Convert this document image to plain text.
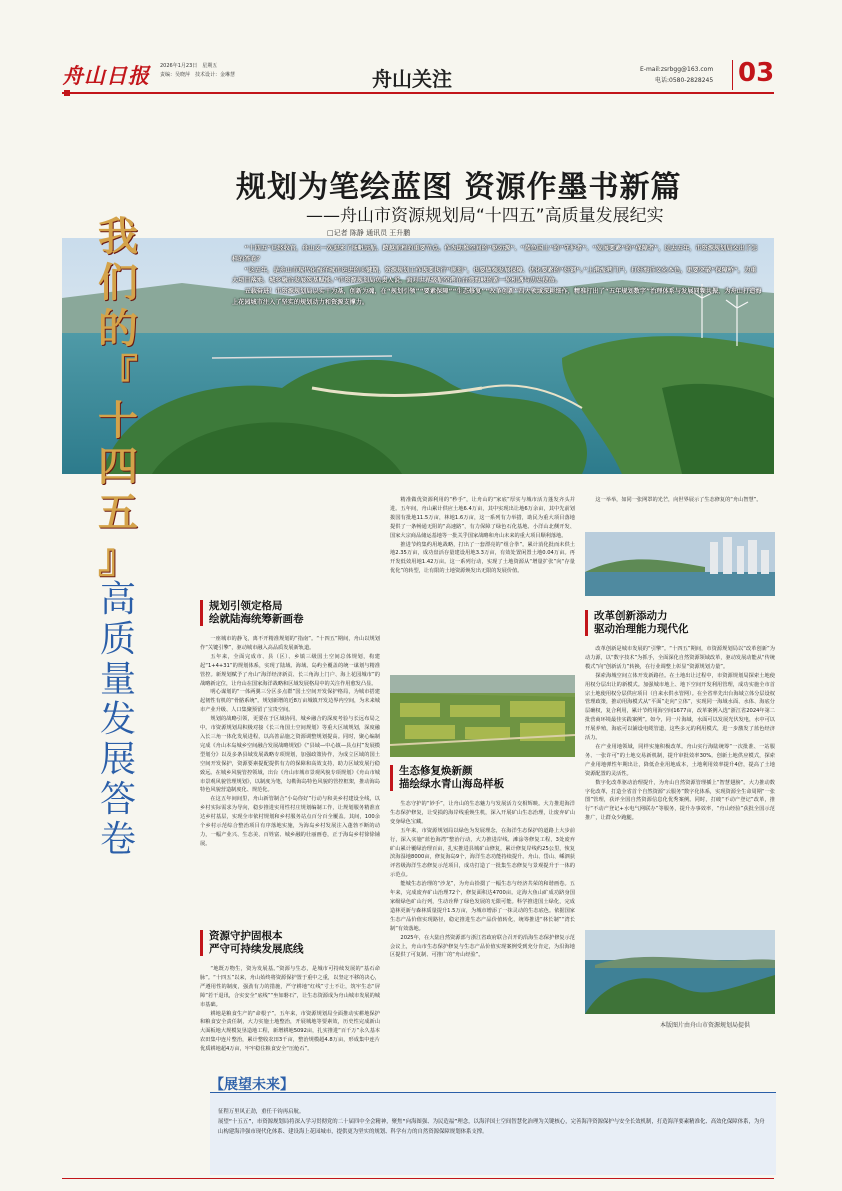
舟山日报	2026年1月23日　星期五
责编：吴晓萍　技术设计：金琳慧	舟山关注	E-mail:zsrbgg@163.com
电话:0580-2828245 03
规划为笔绘蓝图 资源作墨书新篇
——舟山市资源规划局“十四五”高质量发展纪实
□记者 陈静 通讯员 王升鹏

“十四五”已经收官，舟山又一次迎来了扬帆远航、跨越前程的重要节点。作为助推空间的“驱动源”、“蓝色国土”的“守护者”、“发展要素”的“保障者”，过去五年，市资源规划局交出了怎样的答卷？

“这五年，是舟山市现代化海洋城市运进的关键期，资源规划工作既要执行“规划”，也要做强发展保障、优化要素的“好钢”。”上港海港门户，打好海洋文化本色，更要突破“保障桥”，为重大项目落地、城乡融合发展筑基赋能。”市资源规划局负责人说，面对世界级航空港在台湾海峡的新一轮机遇与历史使命。

五载奋进！市资源规划局以实干为基，创新为魂，在“规划引领”“要素保障”“生态修复”“改革创新”四大领域深耕细作，精准打出了“五年规划数字”治理体系与发展同频共振，为舟山打造海上花园城市注入了坚实的规划动力和资源支撑力。

我
们
的
『
十
四
五
』
高
质
量
发
展
答
卷
规划引领定格局
绘就陆海统筹新画卷

一座城市的静飞，离不开精准规划的“指南”。“十四五”期间，舟山以规划作“关键引擎”，驱动城市融入高品质发展新轨道。

五年来，全面完成市、县（区）、乡镇三级国土空间总体规划，构建起“1+4+31”的规划体系，实现了陆域、海域、岛屿全覆盖的统一谋划与精准管控。新规划赋予了舟山“海洋经济新贡、长三角海上门户、海上花园城市”的战略新定位，让舟山在国家海洋战略和区域发展格局中的关注作用愈发凸显。

明心谋划的“一体两翼三分区多点群”国土空间开发保护格局，为城市搭建起韧性有机的“骨骼系统”。规划新增的近8万亩城镇开发边界内空间，为未来城市产业升级、人口集聚预留了宝贵空间。

规划的战略引领，更要在于区域协同，城乡融合的深度考验与长远布局之中。市资源规划局积极对接《长三角国土空间规划》等重大区域规划，深度融入长三角一体化发展进程，以高善品施之资源调整规划提高。同时，聚心编制完成《舟山本岛城乡空间融合发展战略规划》《“县域—中心镇—县点村”发展模型划分》以及多条县域发展战略专项规划，加强政策协作，为成立区域的国土空间开发保护，资源要素提配提供有力的保障和高效支持，助力区域发展行稳致远。在城乡风貌管控领域，出台《舟山市城市景观风貌专项规划》《舟山市城市景观风貌管理规划》，以制度为笔，勾勒海岛特色风貌的管控框架，推动海岛特色风貌营造制度化、规范化。

在这五年间间里，舟山新管制合“小岛你好”行动与和美乡村建设全线，以乡村实际需求为导向，稳步推进实用性村庄规划编制工作，让规划服务精准直达乡村基层，实现全市依村规划和乡村服务站点百分百全覆盖。其间，100余个乡村示范综合整治项目有序落地实施，为海岛乡村发展注入蓬勃不断的动力，一幅产业兴、生态美、百姓富、城乡融的壮丽画卷，正于海岛乡村徐徐铺展。

资源守护固根本
严守可持续发展底线

“地既万物生，资为发展基。”资源与生态，是城市可持续发展的“基石命脉”。“十四五”以来，舟山始终将资源保护置于重中之重，以坚定不移的决心，严遵用性的制度，强劲有力的措施，严守耕地“红线”寸土不让，筑牢生态“屏障”若干退讯，合实安全“底线”“坐如磐石”，让生态资源成为舟山城市发展的城市基础。

耕地是粮食生产的“命根子”。五年来，市资源规划局全面推动实耕地保护和粮食安全责任制，大力实施土地整治，开展城地等要素效，历史性完成新山大面板地大规模复垦造地工程，新增耕地5092亩，扎实推进“百千万”永久基本农田集中连片整治，累计整收农田3千亩，整治规模超4.8万亩，形成集中连片优质耕地超4万亩，牢牢稳住粮食安全“压舱石”。

精准做优资源利用的“秒手”，让舟山的“家底”厚实与城市活力蓬发齐头并进。五年间，舟山累计供应土地6.4万亩，其中实现出让地6万余亩，其中先前划拨国有批地11.5万亩，林地1.6万亩，这一系列有力举措，助民为重大项目落地提供了一条畅通无阻的“高速路”，有力保障了绿色石化基地、小洋山北侧开发、国家大宗商品储运基地等一批关乎国家战略和舟山未来的重大项目顺利落地。

推进节约集约用地战略，打出了一套漂亮的“组合拳”。累计消化批而未供土地2.35万亩，成功盘活存量建设用地3.3万亩，有效处置闲置土地0.04万亩。再开发低效用地1.42万亩。这一系列行动，实现了土地资源从“增量扩张”向“存量优化”的转型，让有限的土地资源焕发出无限的发展价值。

生态修复焕新颜
描绘绿水青山海岛样板

生态守护的“妙手”，让舟山的生态魅力与发展活力交相辉映。大力推进海洋生态保护修复，让受损的海岸线重焕生机，深入开展矿山生态治理，让废弃矿山变身绿色宝藏。

五年来，市资源规划局以绿色为发展理念，在海洋生态保护的道路上大步前行，深入实施“蓝色海湾”整治行动，大力推进岸线、滩涂等修复工程，3处废弃矿山累计覆绿治理百亩，扎实推进县城矿山修复，累计修复岸线约25公里，恢复滨海湿地8000亩，修复海岛9个，海洋生态功能持续提升。舟山、岱山、嵊泗获评省级海洋生态修复示范项目，成功打造了一批集生态修复与景观提升于一体的示范点。

能城生态治理的“沙龙”，为舟山拾掇了一幅生态与经济共荣的和谐画卷。五年来，完成废弃矿山治理72个，修复面积达4700亩。定海大鱼山矿成功跻身国家级绿色矿山行列，生动诠释了绿色发展的无限可能。科学推进国土绿化，完成造林更新与森林质量提升1.5万亩，为城市增添了一抹灵动的生态底色。依据国家生态产品价值实现路径，稳定推进生态产品价值转化，统筹推进“林长制”“湾长制”有效落地。

2025年，在大陆自然资源部与浙江省政府联合召开的沿海生态保护修复示范会议上，舟山市生态保护修复与生态产品价值实现案例受到充分肯定，为沿海地区提供了可复制、可推广的“舟山经验”。

这一举举，如同一张网罩的光芒，向世界展示了生态修复的“舟山智慧”。

改革创新添动力
驱动治理能力现代化

改革创新是城市发展的“引擎”。“十四五”期间，市资源规划局以“改革创新”为动力源，以“数字技术”为抓手，全面深化自然资源领域改革，驱动发展动能从“传统模式”向“创新活力”转换，在行业调整上彰显“资源规划力量”。

探索海城空间立体开发新路径。在土地出让过程中，市资源规划局探索土地使用权分层出让的新模式。加强城市地上、地下空间开发利用管理，成功实施全市首宗土地使用权分层供应项目（自来水供水管网）。在全省率先出台海域立体分层设权管理政策，推动用海模式从“平面”走向“立体”，实现同一海域水面、水体、海底分层确权，复合利用，累计节约用海空间1677亩，改革案例入选“浙江省2024年第二批营商环境最佳实践案例”。如今，同一片海域，水面可以发展光伏发电，水中可以开展养殖，海底可以铺设电缆管道，这些多元的利用模式，进一步激发了蓝色经济活力。

在产业用地领域，同样实施积极改革。舟山实行海陆统筹“一次批准、一站服务、一张许可”的土地交易新机制，提升审批效率30%。创新土地供应模式，探索产业用地弹性年期出让，降低企业用地成本，土地利用效率提升4倍，提高了土地资源配置的灵活性。

数字化改革驱动治理提升，为舟山自然资源管理插上“智慧翅膀”。大力推动数字化改革，打造全省首个自然资源“云服务”数字化体系，实现资源全生命周期“一张图”管理，获评全国自然资源信息化优秀案例。同时，打破“不动产登记”改革，推行“不动产登记+水电气网联办”等服务，提升办事效率，“舟山经验”获批全国示范推广，让群众少跑腿。

本版图片由舟山市资源规划局提供
【展望未来】

征程万里风正劲，重任千钧再启航。

展望“十五五”，市资源规划局将深入学习贯彻党的二十届四中全会精神，聚焦“向海图强、为民造福”理念，以海洋国土空间智慧化治理为关键核心，完善海洋资源保护与安全长效机制，打造海洋要素精准化、高效化保障体系，为舟山构建海洋强市现代化体系、建设海上花园城市，提供更为坚实的规划、科学有力的自然资源保障规划体系支撑。
